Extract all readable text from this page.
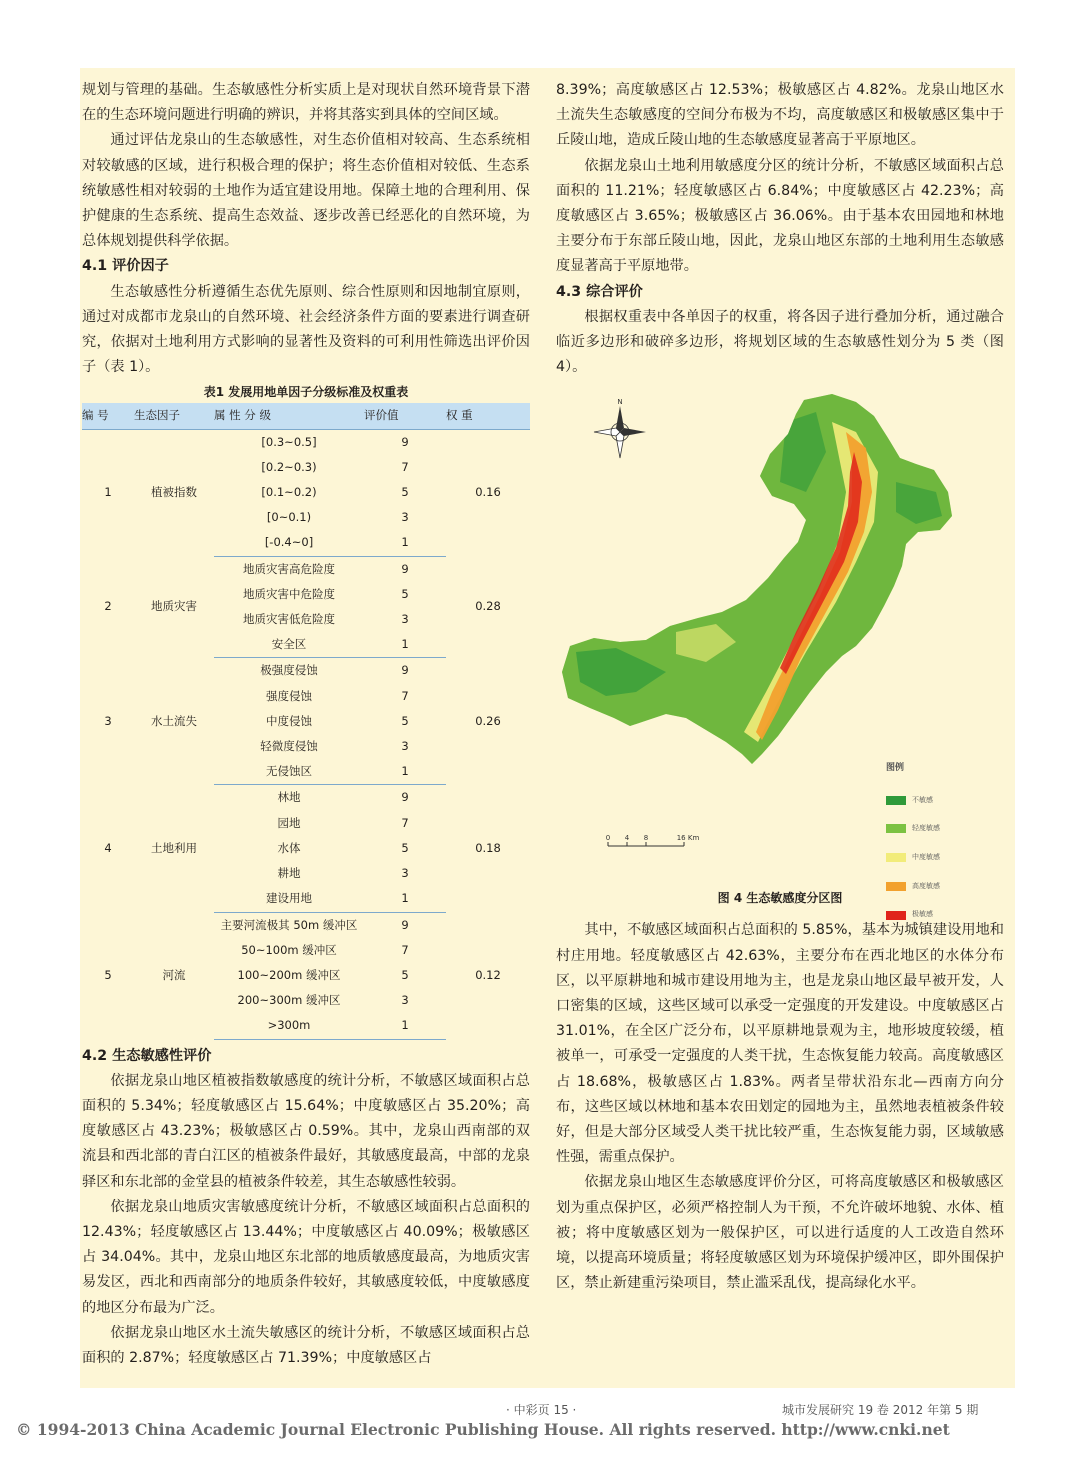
规划与管理的基础。生态敏感性分析实质上是对现状自然环境背景下潜在的生态环境问题进行明确的辨识，并将其落实到具体的空间区域。

通过评估龙泉山的生态敏感性，对生态价值相对较高、生态系统相对较敏感的区域，进行积极合理的保护；将生态价值相对较低、生态系统敏感性相对较弱的土地作为适宜建设用地。保障土地的合理利用、保护健康的生态系统、提高生态效益、逐步改善已经恶化的自然环境，为总体规划提供科学依据。

4.1 评价因子

生态敏感性分析遵循生态优先原则、综合性原则和因地制宜原则，通过对成都市龙泉山的自然环境、社会经济条件方面的要素进行调查研究，依据对土地利用方式影响的显著性及资料的可利用性筛选出评价因子（表 1）。

表1 发展用地单因子分级标准及权重表
编 号	生态因子	属 性 分 级	评价值	权 重
1	植被指数	[0.3~0.5]	9	0.16
		[0.2~0.3)	7	
		[0.1~0.2)	5	
		[0~0.1)	3	
		[-0.4~0]	1	
2	地质灾害	地质灾害高危险度	9	0.28
		地质灾害中危险度	5	
		地质灾害低危险度	3	
		安全区	1	
3	水土流失	极强度侵蚀	9	0.26
		强度侵蚀	7	
		中度侵蚀	5	
		轻微度侵蚀	3	
		无侵蚀区	1	
4	土地利用	林地	9	0.18
		园地	7	
		水体	5	
		耕地	3	
		建设用地	1	
5	河流	主要河流极其 50m 缓冲区	9	0.12
		50~100m 缓冲区	7	
		100~200m 缓冲区	5	
		200~300m 缓冲区	3	
		>300m	1	
4.2 生态敏感性评价

依据龙泉山地区植被指数敏感度的统计分析，不敏感区域面积占总面积的 5.34%；轻度敏感区占 15.64%；中度敏感区占 35.20%；高度敏感区占 43.23%；极敏感区占 0.59%。其中，龙泉山西南部的双流县和西北部的青白江区的植被条件最好，其敏感度最高，中部的龙泉驿区和东北部的金堂县的植被条件较差，其生态敏感性较弱。

依据龙泉山地质灾害敏感度统计分析，不敏感区域面积占总面积的 12.43%；轻度敏感区占 13.44%；中度敏感区占 40.09%；极敏感区占 34.04%。其中，龙泉山地区东北部的地质敏感度最高，为地质灾害易发区，西北和西南部分的地质条件较好，其敏感度较低，中度敏感度的地区分布最为广泛。

依据龙泉山地区水土流失敏感区的统计分析，不敏感区域面积占总面积的 2.87%；轻度敏感区占 71.39%；中度敏感区占

8.39%；高度敏感区占 12.53%；极敏感区占 4.82%。龙泉山地区水土流失生态敏感度的空间分布极为不均，高度敏感区和极敏感区集中于丘陵山地，造成丘陵山地的生态敏感度显著高于平原地区。

依据龙泉山土地利用敏感度分区的统计分析，不敏感区域面积占总面积的 11.21%；轻度敏感区占 6.84%；中度敏感区占 42.23%；高度敏感区占 3.65%；极敏感区占 36.06%。由于基本农田园地和林地主要分布于东部丘陵山地，因此，龙泉山地区东部的土地利用生态敏感度显著高于平原地带。

4.3 综合评价

根据权重表中各单因子的权重，将各因子进行叠加分析，通过融合临近多边形和破碎多边形，将规划区域的生态敏感性划分为 5 类（图 4）。

N
0 4 8	16 Km
图例
不敏感
轻度敏感
中度敏感
高度敏感
极敏感
图 4 生态敏感度分区图

其中，不敏感区域面积占总面积的 5.85%，基本为城镇建设用地和村庄用地。轻度敏感区占 42.63%，主要分布在西北地区的水体分布区，以平原耕地和城市建设用地为主，也是龙泉山地区最早被开发，人口密集的区域，这些区域可以承受一定强度的开发建设。中度敏感区占 31.01%，在全区广泛分布，以平原耕地景观为主，地形坡度较缓，植被单一，可承受一定强度的人类干扰，生态恢复能力较高。高度敏感区占 18.68%，极敏感区占 1.83%。两者呈带状沿东北—西南方向分布，这些区域以林地和基本农田划定的园地为主，虽然地表植被条件较好，但是大部分区域受人类干扰比较严重，生态恢复能力弱，区域敏感性强，需重点保护。

依据龙泉山地区生态敏感度评价分区，可将高度敏感区和极敏感区划为重点保护区，必须严格控制人为干预，不允许破坏地貌、水体、植被；将中度敏感区划为一般保护区，可以进行适度的人工改造自然环境，以提高环境质量；将轻度敏感区划为环境保护缓冲区，即外围保护区，禁止新建重污染项目，禁止滥采乱伐，提高绿化水平。

· 中彩页 15 ·	城市发展研究 19 卷 2012 年第 5 期
© 1994-2013 China Academic Journal Electronic Publishing House. All rights reserved. http://www.cnki.net
